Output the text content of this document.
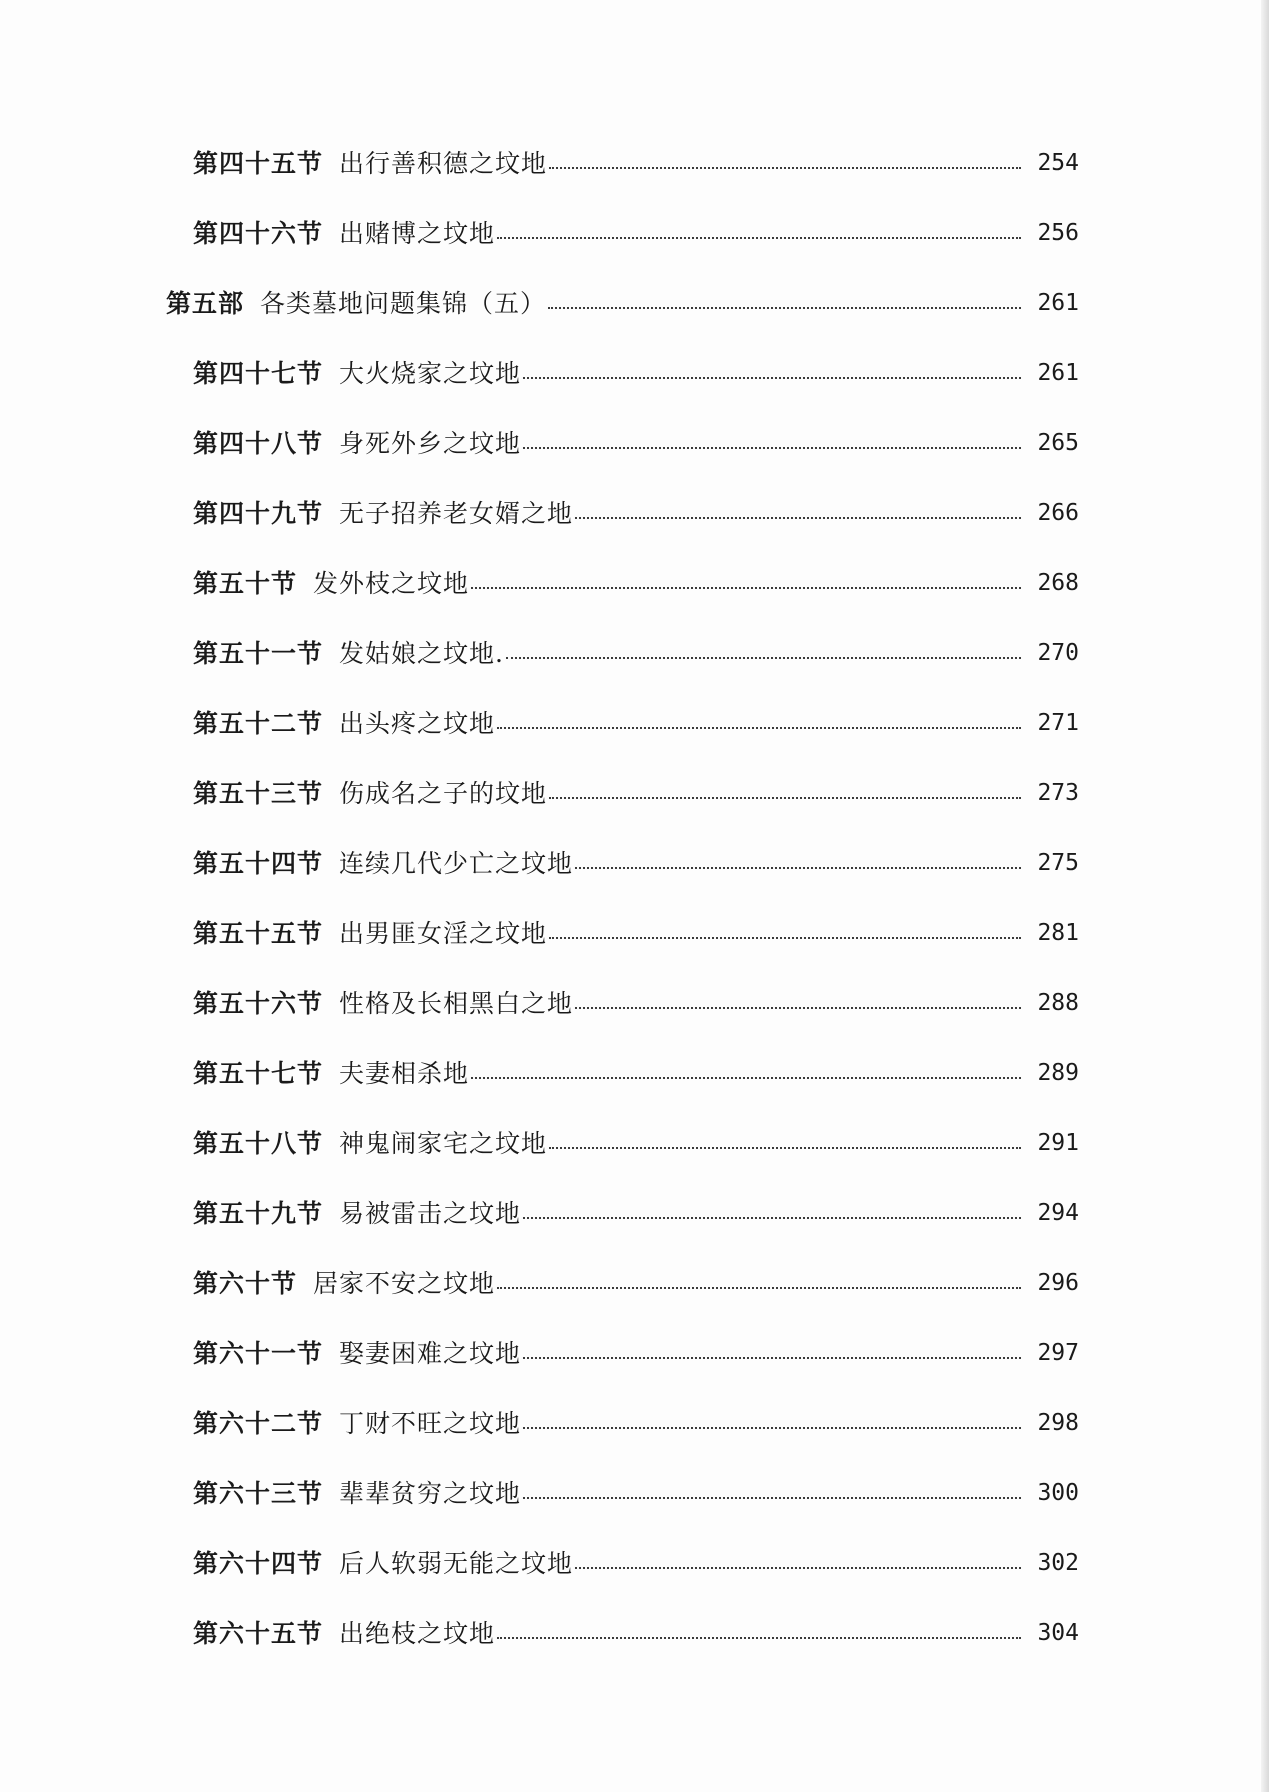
第四十五节 出行善积德之坟地	254
第四十六节 出赌博之坟地	256
第五部 各类墓地问题集锦（五）	261
第四十七节 大火烧家之坟地	261
第四十八节 身死外乡之坟地	265
第四十九节 无子招养老女婿之地	266
第五十节 发外枝之坟地	268
第五十一节 发姑娘之坟地.	270
第五十二节 出头疼之坟地	271
第五十三节 伤成名之子的坟地	273
第五十四节 连续几代少亡之坟地	275
第五十五节 出男匪女淫之坟地	281
第五十六节 性格及长相黑白之地	288
第五十七节 夫妻相杀地	289
第五十八节 神鬼闹家宅之坟地	291
第五十九节 易被雷击之坟地	294
第六十节 居家不安之坟地	296
第六十一节 娶妻困难之坟地	297
第六十二节 丁财不旺之坟地	298
第六十三节 辈辈贫穷之坟地	300
第六十四节 后人软弱无能之坟地	302
第六十五节 出绝枝之坟地	304
